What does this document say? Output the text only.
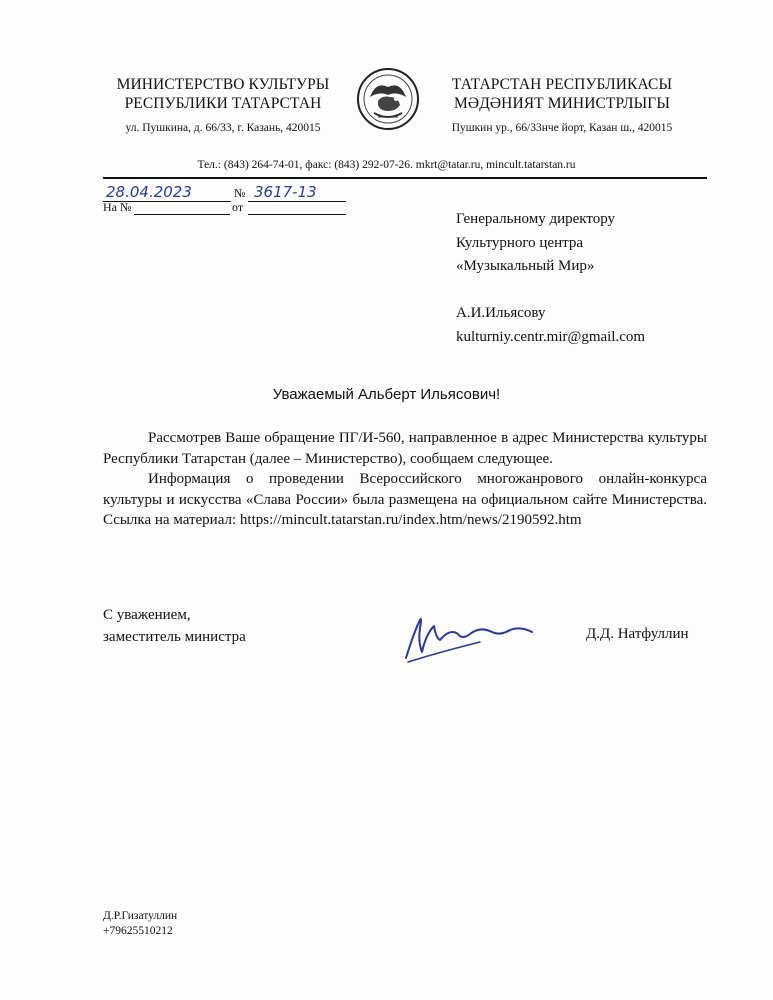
МИНИСТЕРСТВО КУЛЬТУРЫ
РЕСПУБЛИКИ ТАТАРСТАН
ул. Пушкина, д. 66/33, г. Казань, 420015
ТАТАРСТАН РЕСПУБЛИКАСЫ
МӘДӘНИЯТ МИНИСТРЛЫГЫ
Пушкин ур., 66/33нче йорт, Казан ш., 420015
Тел.: (843) 264-74-01, факс: (843) 292-07-26. mkrt@tatar.ru, mincult.tatarstan.ru
28.04.2023	№ 3617-13
На №	от
Генеральному директору
Культурного центра
«Музыкальный Мир»
А.И.Ильясову
kulturniy.centr.mir@gmail.com
Уважаемый Альберт Ильясович!

Рассмотрев Ваше обращение ПГ/И-560, направленное в адрес Министерства культуры Республики Татарстан (далее – Министерство), сообщаем следующее.

Информация о проведении Всероссийского многожанрового онлайн-конкурса культуры и искусства «Слава России» была размещена на официальном сайте Министерства. Ссылка на материал: https://mincult.tatarstan.ru/index.htm/news/2190592.htm

С уважением,
заместитель министра	Д.Д. Натфуллин
Д.Р.Гизатуллин
+79625510212
